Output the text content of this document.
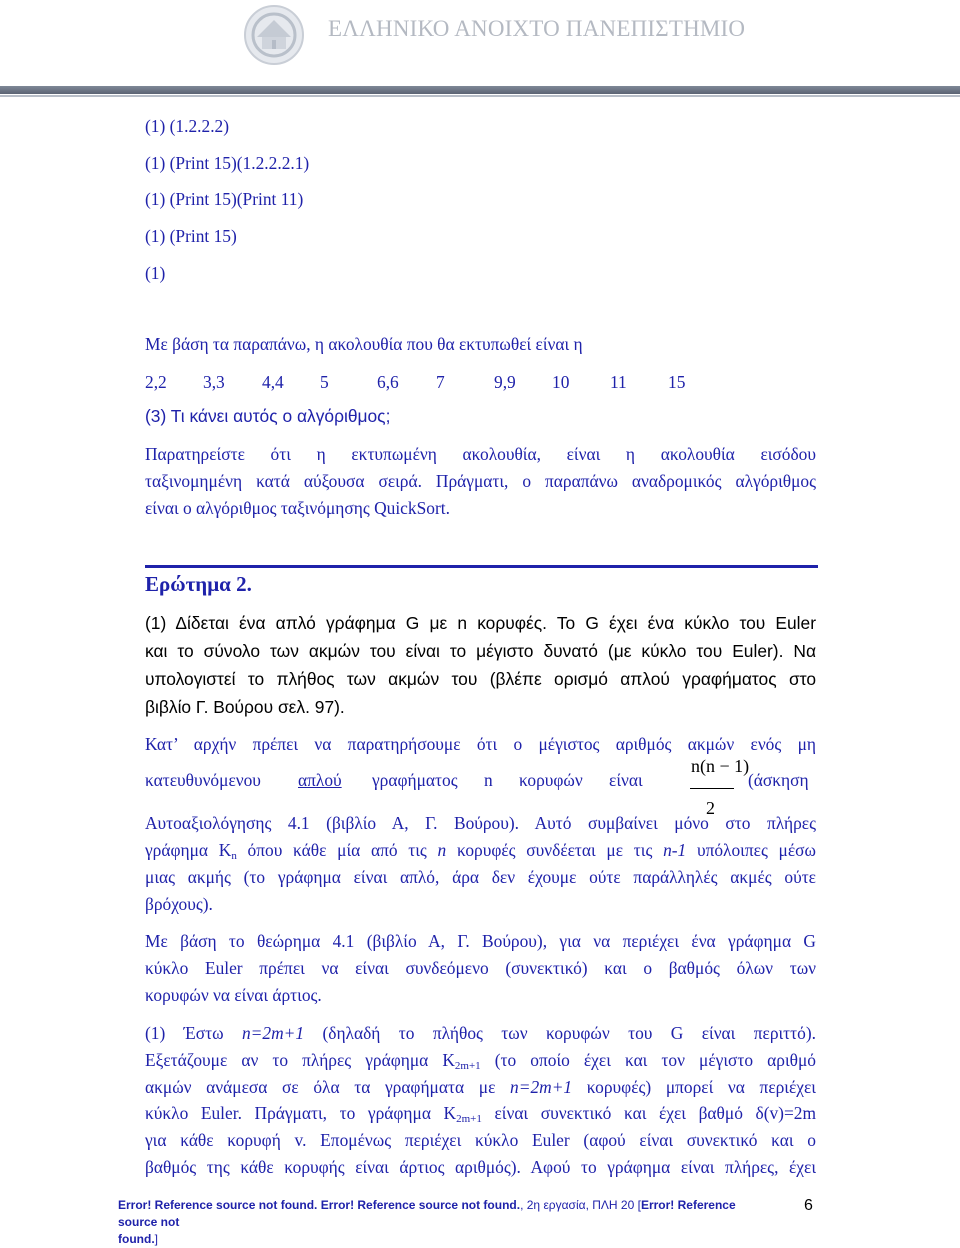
ΕΛΛΗΝΙΚΟ ΑΝΟΙΧΤΟ ΠΑΝΕΠΙΣΤΗΜΙΟ
(1) (1.2.2.2)
(1) (Print 15)(1.2.2.2.1)
(1) (Print 15)(Print 11)
(1) (Print 15)
(1)
Με βάση τα παραπάνω, η ακολουθία που θα εκτυπωθεί είναι η
2,2 3,3 4,4 5	6,6 7	9,9 10 11 15
(3) Τι κάνει αυτός ο αλγόριθμος;
Παρατηρείστε ότι η εκτυπωμένη ακολουθία, είναι η ακολουθία εισόδου
ταξινομημένη κατά αύξουσα σειρά. Πράγματι, ο παραπάνω αναδρομικός αλγόριθμος
είναι ο αλγόριθμος ταξινόμησης QuickSort.
Ερώτημα 2.
(1) Δίδεται ένα απλό γράφημα G με n κορυφές. Το G έχει ένα κύκλο του Euler
και το σύνολο των ακμών του είναι το μέγιστο δυνατό (με κύκλο του Euler). Να
υπολογιστεί το πλήθος των ακμών του (βλέπε ορισμό απλού γραφήματος στο
βιβλίο Γ. Βούρου σελ. 97).
Κατ’ αρχήν πρέπει να παρατηρήσουμε ότι ο μέγιστος αριθμός ακμών ενός μη
κατευθυνόμενου απλού γραφήματος n κορυφών είναι
n(n − 1)
2
(άσκηση
Αυτοαξιολόγησης 4.1 (βιβλίο Α, Γ. Βούρου). Αυτό συμβαίνει μόνο στο πλήρες
γράφημα $K_n$ όπου κάθε μία από τις n κορυφές συνδέεται με τις n-1 υπόλοιπες μέσω
μιας ακμής (το γράφημα είναι απλό, άρα δεν έχουμε ούτε παράλληλές ακμές ούτε
βρόχους).
Με βάση το θεώρημα 4.1 (βιβλίο Α, Γ. Βούρου), για να περιέχει ένα γράφημα G
κύκλο Euler πρέπει να είναι συνδεόμενο (συνεκτικό) και ο βαθμός όλων των
κορυφών να είναι άρτιος.
(1) Έστω n=2m+1 (δηλαδή το πλήθος των κορυφών του G είναι περιττό).
Εξετάζουμε αν το πλήρες γράφημα $K_{2m+1}$ (το οποίο έχει και τον μέγιστο αριθμό
ακμών ανάμεσα σε όλα τα γραφήματα με n=2m+1 κορυφές) μπορεί να περιέχει
κύκλο Euler. Πράγματι, το γράφημα $K_{2m+1}$ είναι συνεκτικό και έχει βαθμό δ(v)=2m
για κάθε κορυφή v. Επομένως περιέχει κύκλο Euler (αφού είναι συνεκτικό και ο
βαθμός της κάθε κορυφής είναι άρτιος αριθμός). Αφού το γράφημα είναι πλήρες, έχει
Error! Reference source not found. Error! Reference source not found., 2η εργασία, ΠΛΗ 20 [Error! Reference source not
found.]
6
